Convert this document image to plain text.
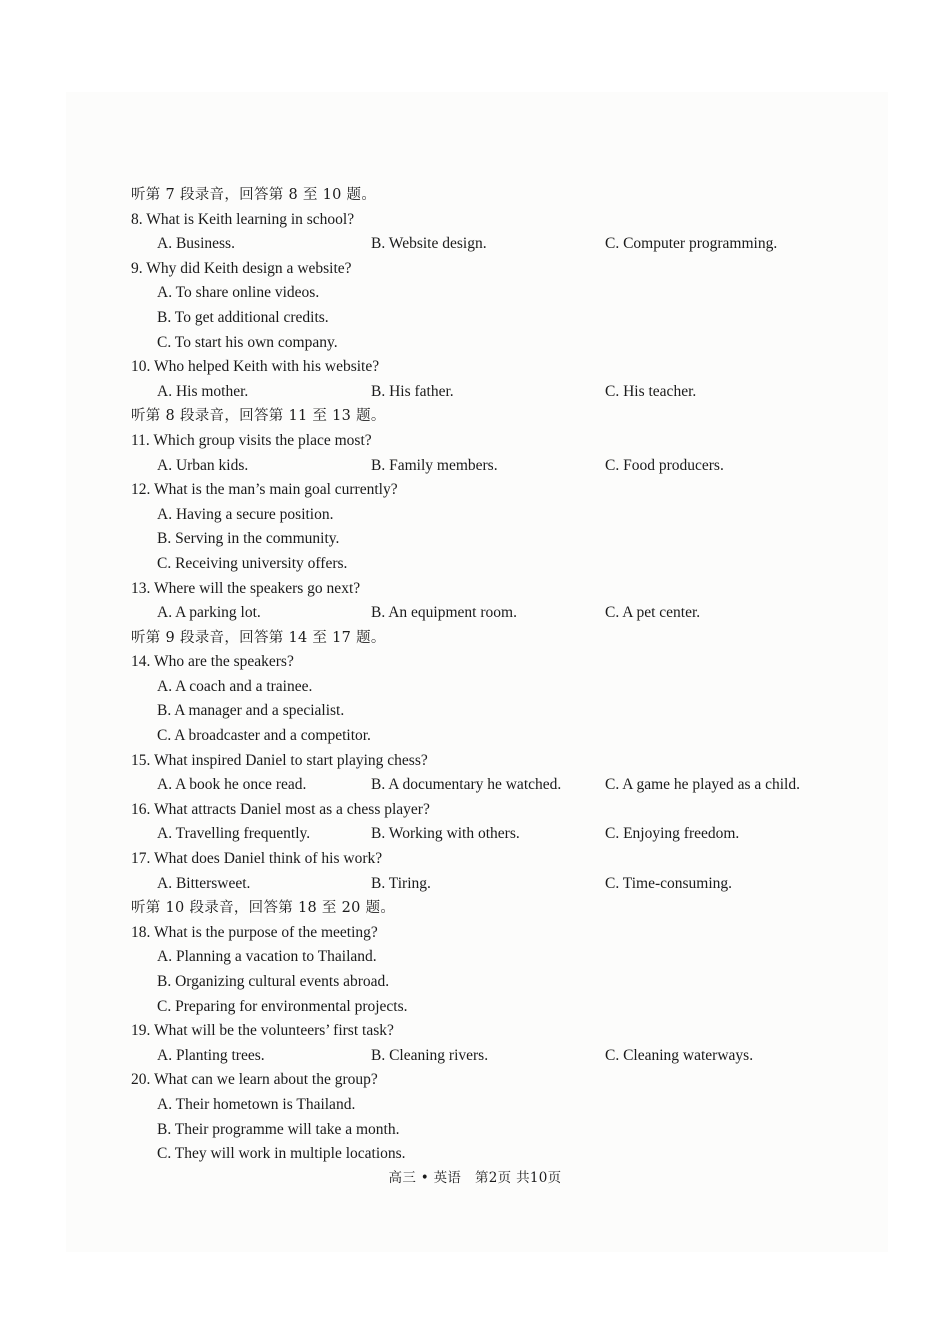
听第 7 段录音，回答第 8 至 10 题。
8. What is Keith learning in school?
A. Business.	B. Website design.	C. Computer programming.
9. Why did Keith design a website?
A. To share online videos.
B. To get additional credits.
C. To start his own company.
10. Who helped Keith with his website?
A. His mother.	B. His father.	C. His teacher.
听第 8 段录音，回答第 11 至 13 题。
11. Which group visits the place most?
A. Urban kids.	B. Family members.	C. Food producers.
12. What is the man’s main goal currently?
A. Having a secure position.
B. Serving in the community.
C. Receiving university offers.
13. Where will the speakers go next?
A. A parking lot.	B. An equipment room.	C. A pet center.
听第 9 段录音，回答第 14 至 17 题。
14. Who are the speakers?
A. A coach and a trainee.
B. A manager and a specialist.
C. A broadcaster and a competitor.
15. What inspired Daniel to start playing chess?
A. A book he once read.	B. A documentary he watched.	C. A game he played as a child.
16. What attracts Daniel most as a chess player?
A. Travelling frequently.	B. Working with others.	C. Enjoying freedom.
17. What does Daniel think of his work?
A. Bittersweet.	B. Tiring.	C. Time-consuming.
听第 10 段录音，回答第 18 至 20 题。
18. What is the purpose of the meeting?
A. Planning a vacation to Thailand.
B. Organizing cultural events abroad.
C. Preparing for environmental projects.
19. What will be the volunteers’ first task?
A. Planting trees.	B. Cleaning rivers.	C. Cleaning waterways.
20. What can we learn about the group?
A. Their hometown is Thailand.
B. Their programme will take a month.
C. They will work in multiple locations.
高三 • 英语　第2页 共10页
